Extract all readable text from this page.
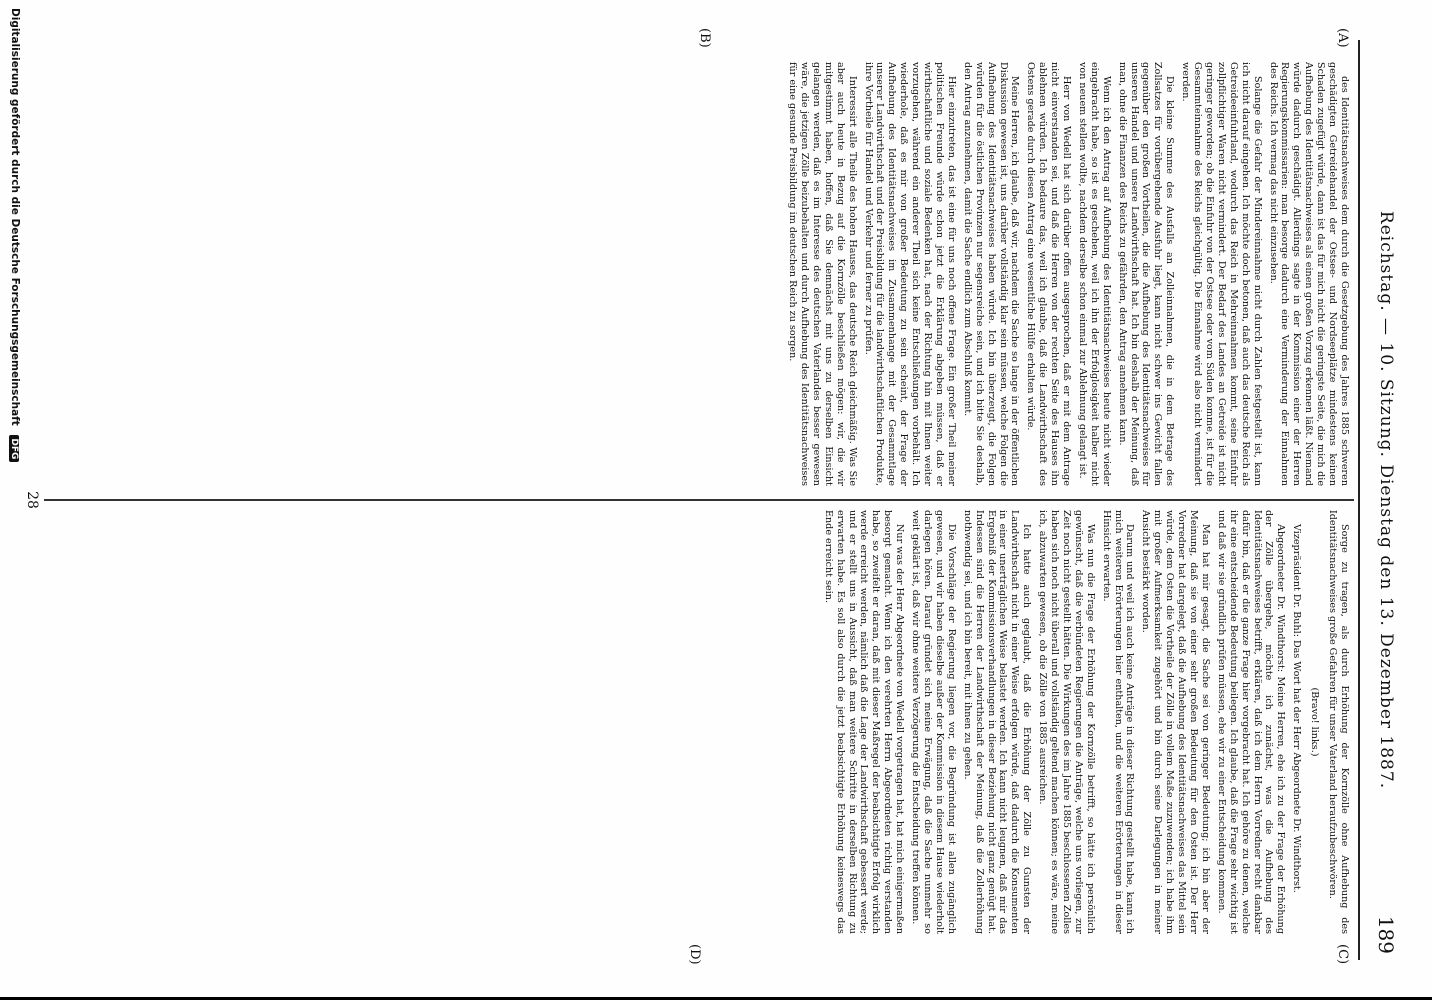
Reichstag. — 10. Sitzung. Dienstag den 13. Dezember 1887.
189
(C)
(D)
(A)
(B)

des Identitätsnachweises dem durch die Gesetzgebung des Jahres 1885 schweren geschädigten Getreidehandel der Ostsee- und Nordseeplätze mindestens keinen Schaden zugefügt würde, dann ist das für mich nicht die geringste Seite, die mich die Aufhebung des Identitätsnachweises als einen großen Vorzug erkennen läßt. Niemand würde dadurch geschädigt. Allerdings sagte in der Kommission einer der Herren Regierungskommissarien: man besorge dadurch eine Verminderung der Einnahmen des Reichs. Ich vermag das nicht einzusehen.

Solange die Gefahr der Mindereinnahme nicht durch Zahlen festgestellt ist, kann ich nicht darauf eingehen. Ich möchte doch betonen, daß auch das deutsche Reich als Getreideeinfuhrland, wodurch das Reich in Mehreinnahmen kommt, seine Einfuhr zollpflichtiger Waren nicht vermindert. Der Bedarf des Landes an Getreide ist nicht geringer geworden; ob die Einfuhr von der Ostsee oder vom Süden komme, ist für die Gesammteinnahme des Reichs gleichgültig. Die Einnahme wird also nicht vermindert werden.

Die kleine Summe des Ausfalls an Zolleinnahmen, die in dem Betrage des Zollsatzes für vorübergehende Ausfuhr liegt, kann nicht schwer ins Gewicht fallen gegenüber den großen Vortheilen, die die Aufhebung des Identitätsnachweises für unseren Handel und unsere Landwirthschaft hat. Ich bin deshalb der Meinung, daß man, ohne die Finanzen des Reichs zu gefährden, den Antrag annehmen kann.

Wenn ich den Antrag auf Aufhebung des Identitätsnachweises heute nicht wieder eingebracht habe, so ist es geschehen, weil ich ihn der Erfolglosigkeit halber nicht von neuem stellen wollte, nachdem derselbe schon einmal zur Ablehnung gelangt ist.

Herr von Wedell hat sich darüber offen ausgesprochen, daß er mit dem Antrage nicht einverstanden sei, und daß die Herren von der rechten Seite des Hauses ihn ablehnen würden. Ich bedaure das, weil ich glaube, daß die Landwirthschaft des Ostens gerade durch diesen Antrag eine wesentliche Hülfe erhalten würde.

Meine Herren, ich glaube, daß wir, nachdem die Sache so lange in der öffentlichen Diskussion gewesen ist, uns darüber vollständig klar sein müssen, welche Folgen die Aufhebung des Identitätsnachweises haben würde. Ich bin überzeugt, die Folgen würden für die östlichen Provinzen nur segensreiche sein, und ich bitte Sie deshalb, den Antrag anzunehmen, damit die Sache endlich zum Abschluß kommt.

Hier einzutreten, das ist eine für uns noch offene Frage. Ein großer Theil meiner politischen Freunde würde schon jetzt die Erklärung abgeben müssen, daß er wirthschaftliche und soziale Bedenken hat, nach der Richtung hin mit Ihnen weiter vorzugehen, während ein anderer Theil sich keine Entschließungen vorbehält. Ich wiederhole, daß es mir von großer Bedeutung zu sein scheint, der Frage der Aufhebung des Identitätsnachweises im Zusammenhange mit der Gesammtlage unserer Landwirthschaft und der Preisbildung für die landwirthschaftlichen Produkte, ihre Vortheile für Handel und Verkehr und ferner zu prüfen.

Interessirt alle Theile des hohen Hauses, das deutsche Reich gleichmäßig. Was Sie aber auch heute in Bezug auf die Kornzölle beschließen mögen: wir, die wir mitgestimmt haben, hoffen, daß Sie demnächst mit uns zu derselben Einsicht gelangen werden, daß es im Interesse des deutschen Vaterlandes besser gewesen wäre, die jetzigen Zölle beizubehalten und durch Aufhebung des Identitätsnachweises für eine gesunde Preisbildung im deutschen Reich zu sorgen.

Sorge zu tragen, als durch Erhöhung der Kornzölle ohne Aufhebung des Identitätsnachweises große Gefahren für unser Vaterland heraufzubeschwören.

(Bravo! links.)

Vizepräsident Dr. Buhl: Das Wort hat der Herr Abgeordnete Dr. Windthorst.

Abgeordneter Dr. Windthorst: Meine Herren, ehe ich zu der Frage der Erhöhung der Zölle übergehe, möchte ich zunächst, was die Aufhebung des Identitätsnachweises betrifft, erklären, daß ich dem Herrn Vorredner recht dankbar dafür bin, daß er die ganze Frage hier vorgebracht hat. Ich gehöre zu denen, welche ihr eine entscheidende Bedeutung beilegen. Ich glaube, daß die Frage sehr wichtig ist und daß wir sie gründlich prüfen müssen, ehe wir zu einer Entscheidung kommen.

Man hat mir gesagt, die Sache sei von geringer Bedeutung; ich bin aber der Meinung, daß sie von einer sehr großen Bedeutung für den Osten ist. Der Herr Vorredner hat dargelegt, daß die Aufhebung des Identitätsnachweises das Mittel sein würde, dem Osten die Vortheile der Zölle in vollem Maße zuzuwenden; ich habe ihm mit großer Aufmerksamkeit zugehört und bin durch seine Darlegungen in meiner Ansicht bestärkt worden.

Darum und weil ich auch keine Anträge in dieser Richtung gestellt habe, kann ich mich weiteren Erörterungen hier enthalten, und die weiteren Erörterungen in dieser Hinsicht erwarten.

Was nun die Frage der Erhöhung der Kornzölle betrifft, so hätte ich persönlich gewünscht, daß die verbündeten Regierungen die Anträge, welche uns vorliegen, zur Zeit noch nicht gestellt hätten. Die Wirkungen des im Jahre 1885 beschlossenen Zolles haben sich noch nicht überall und vollständig geltend machen können; es wäre, meine ich, abzuwarten gewesen, ob die Zölle von 1885 ausreichen.

Ich hatte auch geglaubt, daß die Erhöhung der Zölle zu Gunsten der Landwirthschaft nicht in einer Weise erfolgen würde, daß dadurch die Konsumenten in einer unerträglichen Weise belastet werden. Ich kann nicht leugnen, daß mir das Ergebniß der Kommissionsverhandlungen in dieser Beziehung nicht ganz genügt hat. Indessen sind die Herren der Landwirthschaft der Meinung, daß die Zollerhöhung nothwendig sei, und ich bin bereit, mit ihnen zu gehen.

Die Vorschläge der Regierung liegen vor, die Begründung ist allen zugänglich gewesen, und wir haben dieselbe außer der Kommission in diesem Hause wiederholt darlegen hören. Darauf gründet sich meine Erwägung, daß die Sache nunmehr so weit geklärt ist, daß wir ohne weitere Verzögerung die Entscheidung treffen können.

Nur was der Herr Abgeordnete von Wedell vorgetragen hat, hat mich einigermaßen besorgt gemacht. Wenn ich den verehrten Herrn Abgeordneten richtig verstanden habe, so zweifelt er daran, daß mit dieser Maßregel der beabsichtigte Erfolg wirklich werde erreicht werden, nämlich daß die Lage der Landwirthschaft gebessert werde; und er stellt uns in Aussicht, daß man weitere Schritte in derselben Richtung zu erwarten habe. Es soll also durch die jetzt beabsichtigte Erhöhung keineswegs das Ende erreicht sein.

28
Digitalisierung gefördert durch die Deutsche Forschungsgemeinschaft DFG
